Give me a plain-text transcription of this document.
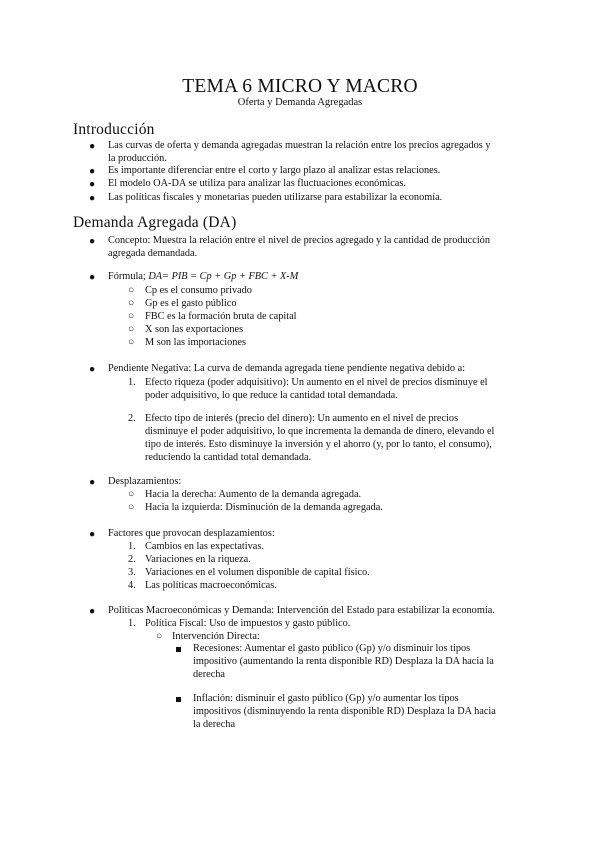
TEMA 6 MICRO Y MACRO
Oferta y Demanda Agregadas
Introducción
● Las curvas de oferta y demanda agregadas muestran la relación entre los precios agregados y
la producción.
● Es importante diferenciar entre el corto y largo plazo al analizar estas relaciones.
● El modelo OA-DA se utiliza para analizar las fluctuaciones económicas.
● Las políticas fiscales y monetarias pueden utilizarse para estabilizar la economía.
Demanda Agregada (DA)
● Concepto: Muestra la relación entre el nivel de precios agregado y la cantidad de producción
agregada demandada.
● Fórmula; DA= PIB = Cp + Gp + FBC + X-M
○ Cp es el consumo privado
○ Gp es el gasto público
○ FBC es la formación bruta de capital
○ X son las exportaciones
○ M son las importaciones
● Pendiente Negativa: La curva de demanda agregada tiene pendiente negativa debido a:
1. Efecto riqueza (poder adquisitivo): Un aumento en el nivel de precios disminuye el
poder adquisitivo, lo que reduce la cantidad total demandada.
2. Efecto tipo de interés (precio del dinero): Un aumento en el nivel de precios
disminuye el poder adquisitivo, lo que incrementa la demanda de dinero, elevando el
tipo de interés. Esto disminuye la inversión y el ahorro (y, por lo tanto, el consumo),
reduciendo la cantidad total demandada.
● Desplazamientos:
○ Hacia la derecha: Aumento de la demanda agregada.
○ Hacia la izquierda: Disminución de la demanda agregada.
● Factores que provocan desplazamientos:
1. Cambios en las expectativas.
2. Variaciones en la riqueza.
3. Variaciones en el volumen disponible de capital físico.
4. Las políticas macroeconómicas.
● Políticas Macroeconómicas y Demanda: Intervención del Estado para estabilizar la economía.
1. Política Fiscal: Uso de impuestos y gasto público.
○ Intervención Directa:
Recesiones: Aumentar el gasto público (Gp) y/o disminuir los tipos
impositivo (aumentando la renta disponible RD) Desplaza la DA hacia la
derecha
Inflación: disminuir el gasto público (Gp) y/o aumentar los tipos
impositivos (disminuyendo la renta disponible RD) Desplaza la DA hacia
la derecha
